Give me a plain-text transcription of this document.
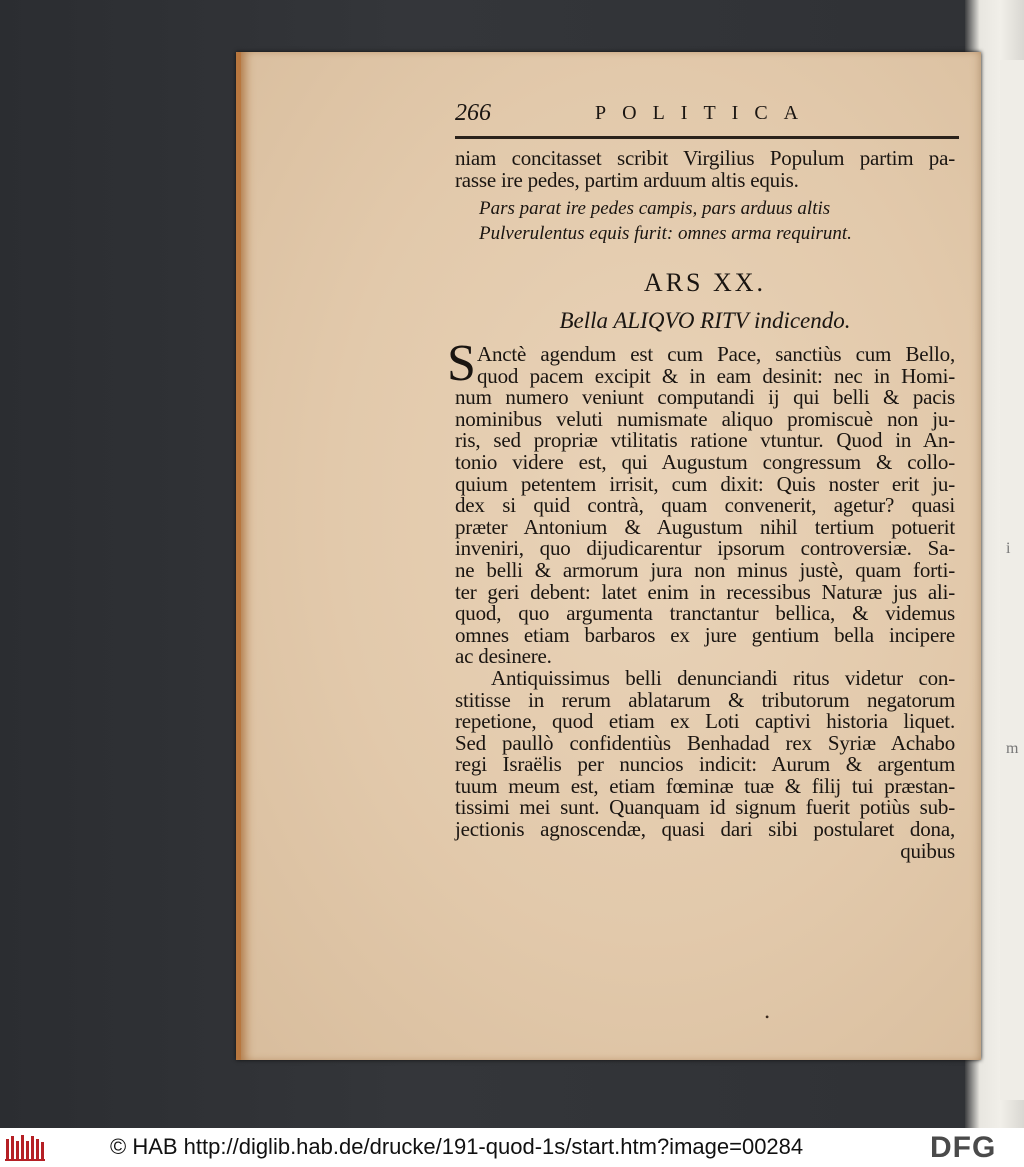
266	POLITICA
niam concitasset scribit Virgilius Populum partim pa-
rasse ire pedes, partim arduum altis equis.
Pars parat ire pedes campis, pars arduus altis
Pulverulentus equis furit: omnes arma requirunt.
ARS XX.
Bella ALIQVO RITV indicendo.
S Anctè agendum est cum Pace, sanctiùs cum Bello,
quod pacem excipit & in eam desinit: nec in Homi-
num numero veniunt computandi ij qui belli & pacis
nominibus veluti numismate aliquo promiscuè non ju-
ris, sed propriæ vtilitatis ratione vtuntur. Quod in An-
tonio videre est, qui Augustum congressum & collo-
quium petentem irrisit, cum dixit: Quis noster erit ju-
dex si quid contrà, quam convenerit, agetur? quasi
præter Antonium & Augustum nihil tertium potuerit
inveniri, quo dijudicarentur ipsorum controversiæ. Sa-
ne belli & armorum jura non minus justè, quam forti-
ter geri debent: latet enim in recessibus Naturæ jus ali-
quod, quo argumenta tranctantur bellica, & videmus
omnes etiam barbaros ex jure gentium bella incipere
ac desinere.
Antiquissimus belli denunciandi ritus videtur con-
stitisse in rerum ablatarum & tributorum negatorum
repetione, quod etiam ex Loti captivi historia liquet.
Sed paullò confidentiùs Benhadad rex Syriæ Achabo
regi Israëlis per nuncios indicit: Aurum & argentum
tuum meum est, etiam fœminæ tuæ & filij tui præstan-
tissimi mei sunt. Quanquam id signum fuerit potiùs sub-
jectionis agnoscendæ, quasi dari sibi postularet dona,
quibus
•
i
m
© HAB http://diglib.hab.de/drucke/191-quod-1s/start.htm?image=00284	DFG
